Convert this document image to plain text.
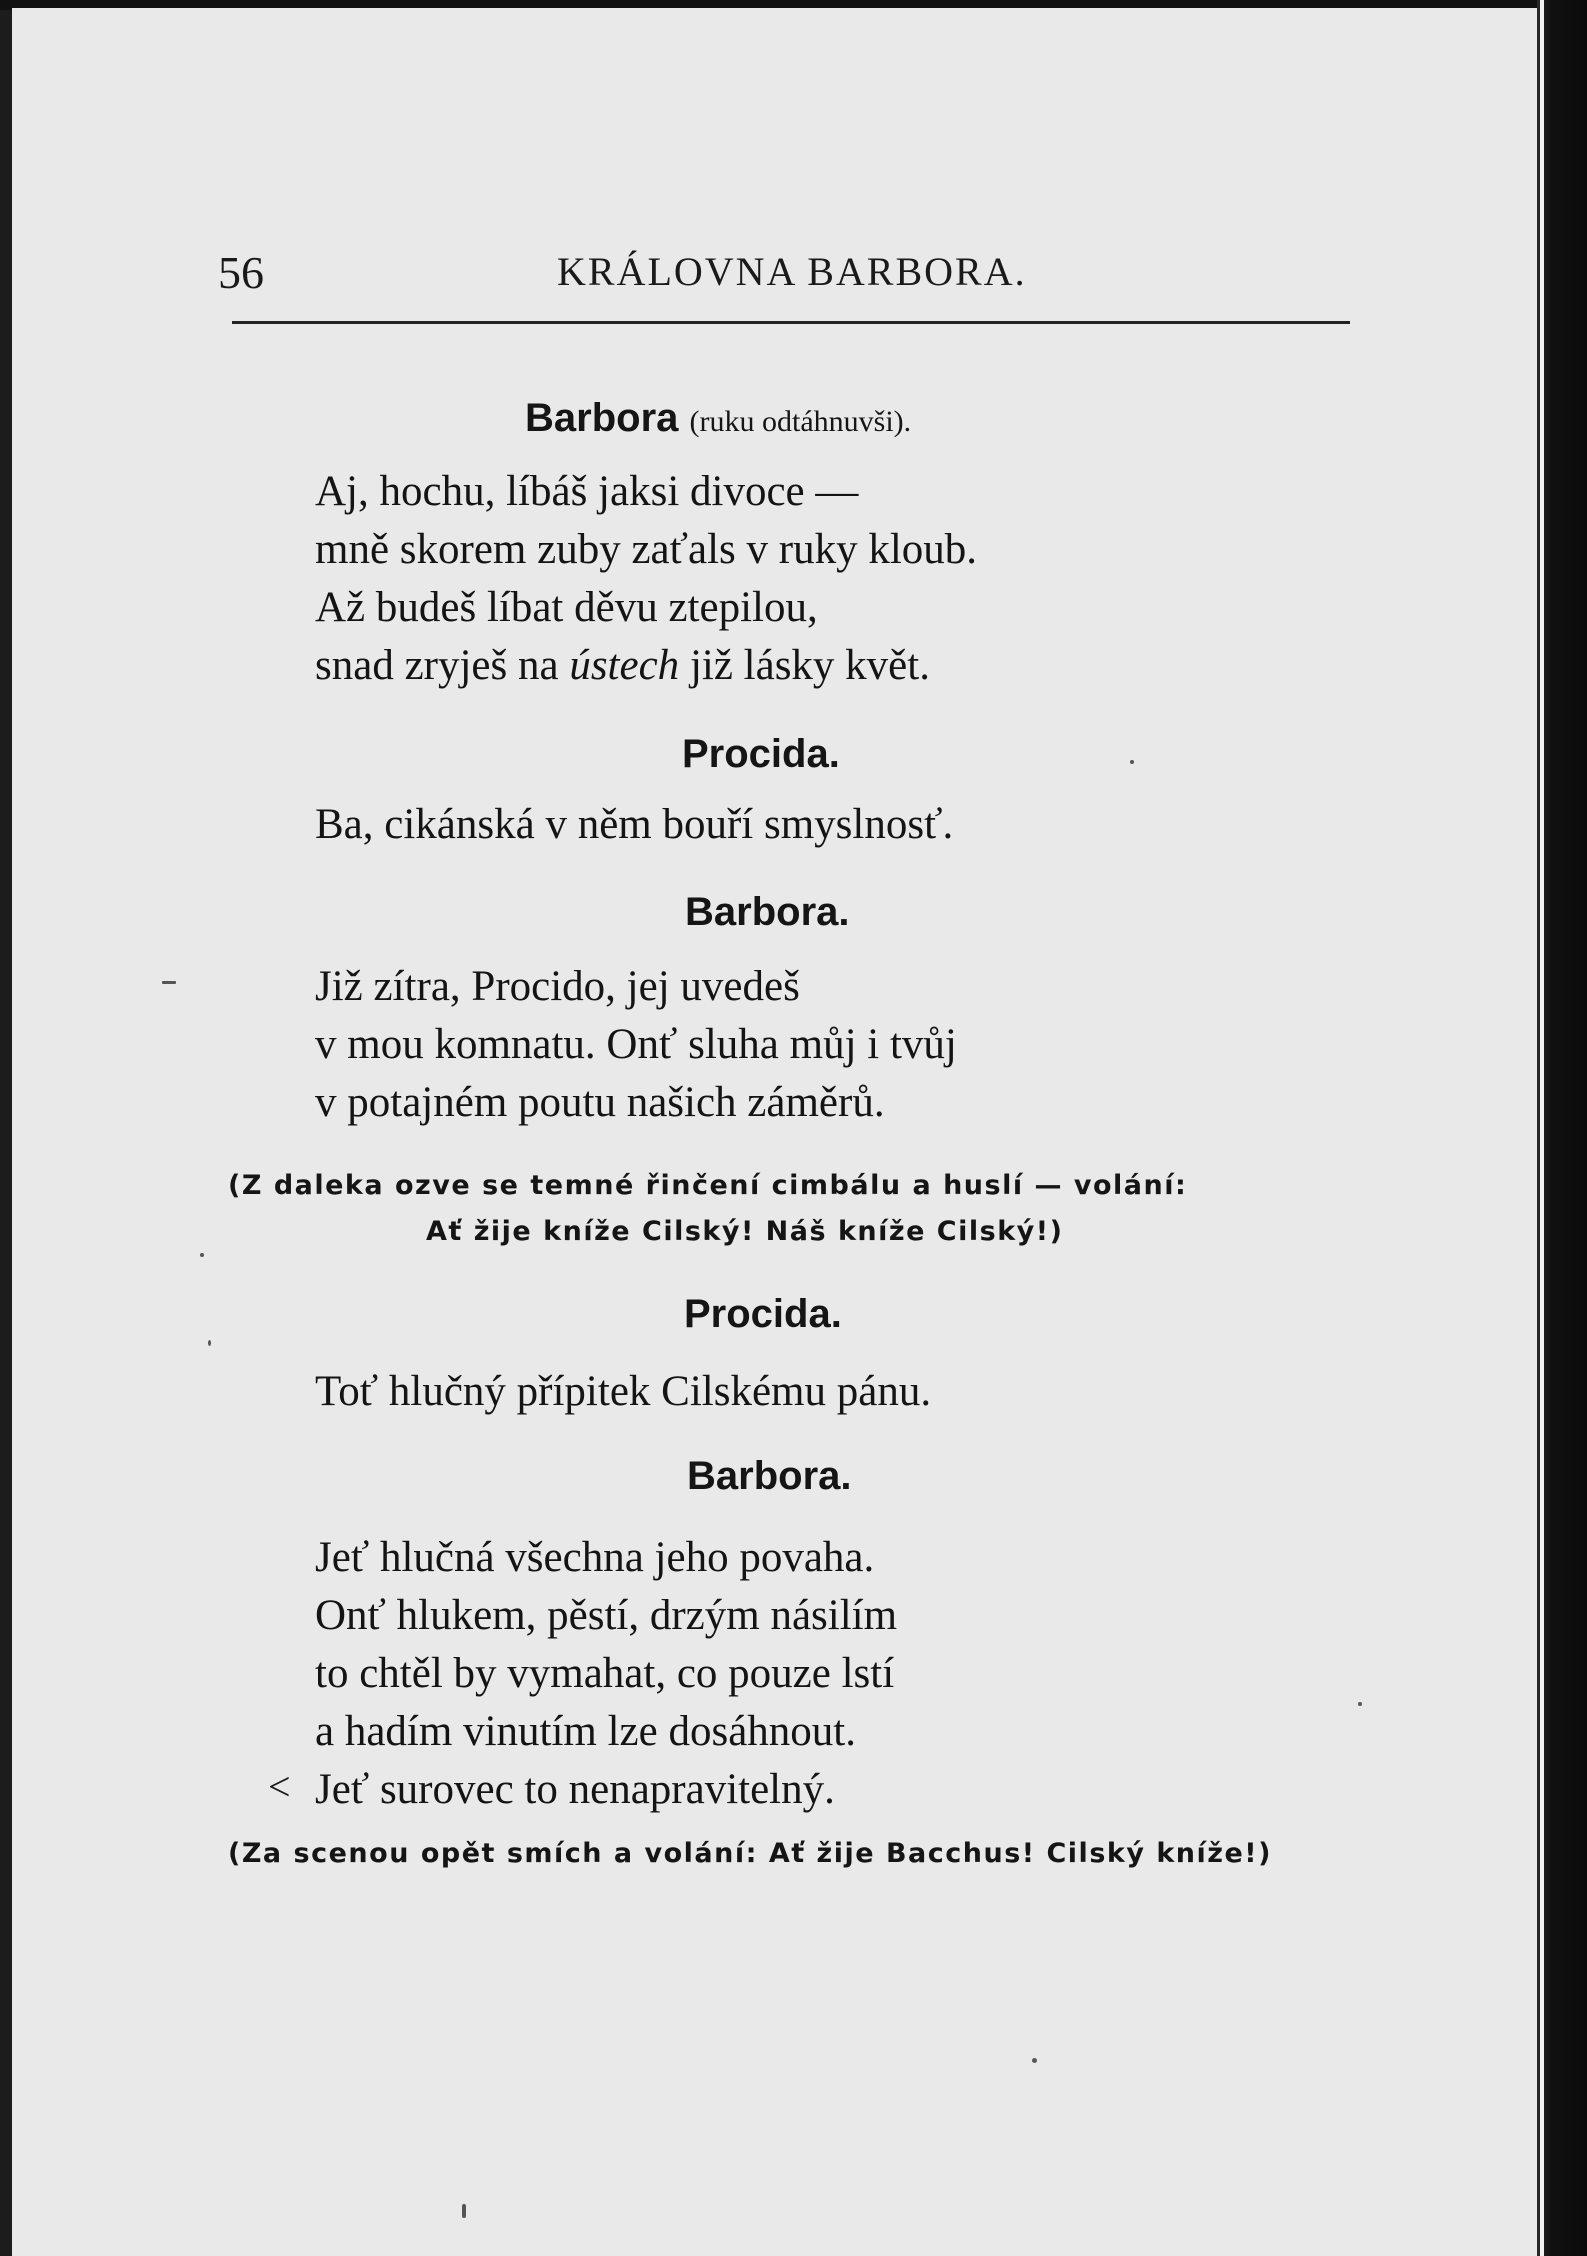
56	KRÁLOVNA BARBORA.
Barbora (ruku odtáhnuvši).
Aj, hochu, líbáš jaksi divoce —
mně skorem zuby zaťals v ruky kloub.
Až budeš líbat děvu ztepilou,
snad zryješ na ústech již lásky květ.
Procida.
Ba, cikánská v něm bouří smyslnosť.
Barbora.
Již zítra, Procido, jej uvedeš
v mou komnatu. Onť sluha můj i tvůj
v potajném poutu našich záměrů.
(Z daleka ozve se temné řinčení cimbálu a huslí — volání:
Ať žije kníže Cilský! Náš kníže Cilský!)
Procida.
Toť hlučný přípitek Cilskému pánu.
Barbora.
Jeť hlučná všechna jeho povaha.
Onť hlukem, pěstí, drzým násilím
to chtěl by vymahat, co pouze lstí
a hadím vinutím lze dosáhnout.
Jeť surovec to nenapravitelný.
<
(Za scenou opět smích a volání: Ať žije Bacchus! Cilský kníže!)
